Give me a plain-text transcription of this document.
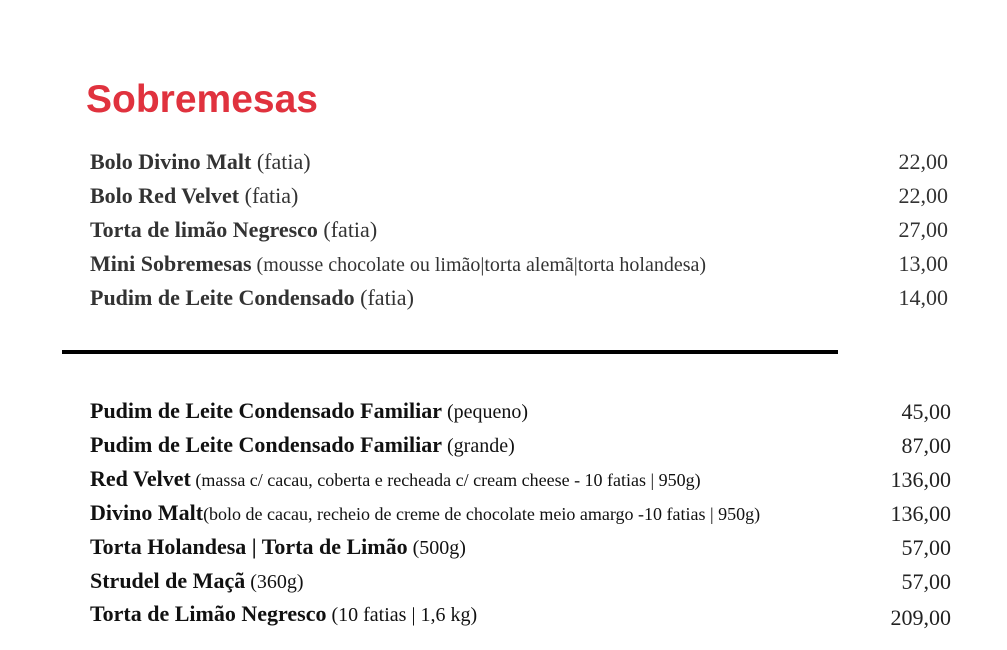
Sobremesas
Bolo Divino Malt (fatia)	22,00
Bolo Red Velvet (fatia)	22,00
Torta de limão Negresco (fatia)	27,00
Mini Sobremesas (mousse chocolate ou limão|torta alemã|torta holandesa)	13,00
Pudim de Leite Condensado (fatia)	14,00
Pudim de Leite Condensado Familiar (pequeno)	45,00
Pudim de Leite Condensado Familiar (grande)	87,00
Red Velvet (massa c/ cacau, coberta e recheada c/ cream cheese - 10 fatias | 950g)	136,00
Divino Malt(bolo de cacau, recheio de creme de chocolate meio amargo -10 fatias | 950g)	136,00
Torta Holandesa | Torta de Limão (500g)	57,00
Strudel de Maçã (360g)	57,00
Torta de Limão Negresco (10 fatias | 1,6 kg)	209,00
